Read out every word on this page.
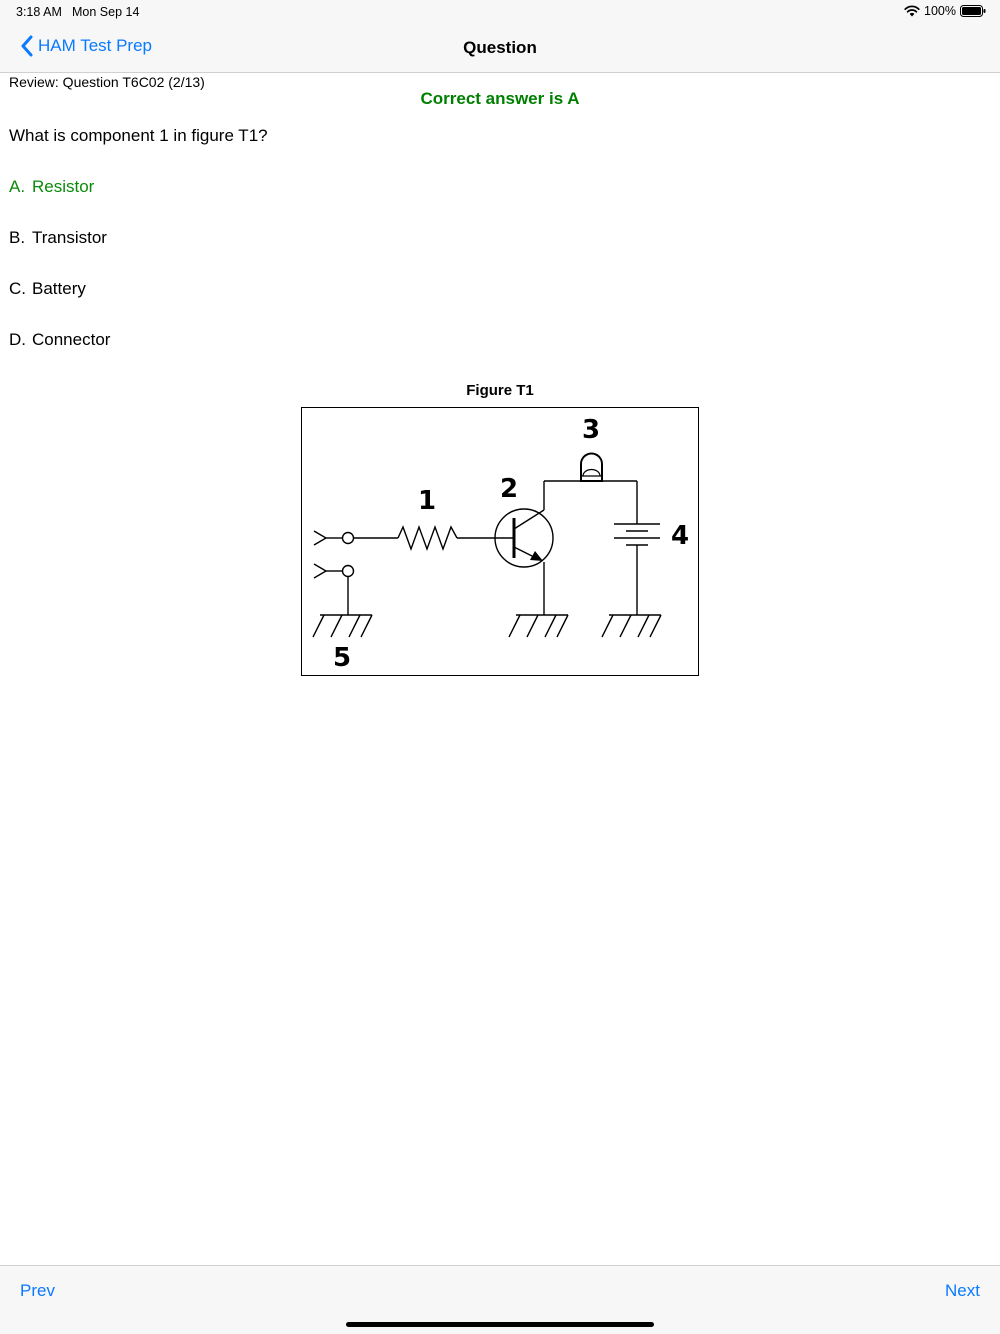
3:18 AM Mon Sep 14	100%
HAM Test Prep	Question
Review: Question T6C02 (2/13)
Correct answer is A
What is component 1 in figure T1?
A. Resistor
B. Transistor
C. Battery
D. Connector
Figure T1
1 2
3
4
5
Prev	Next
